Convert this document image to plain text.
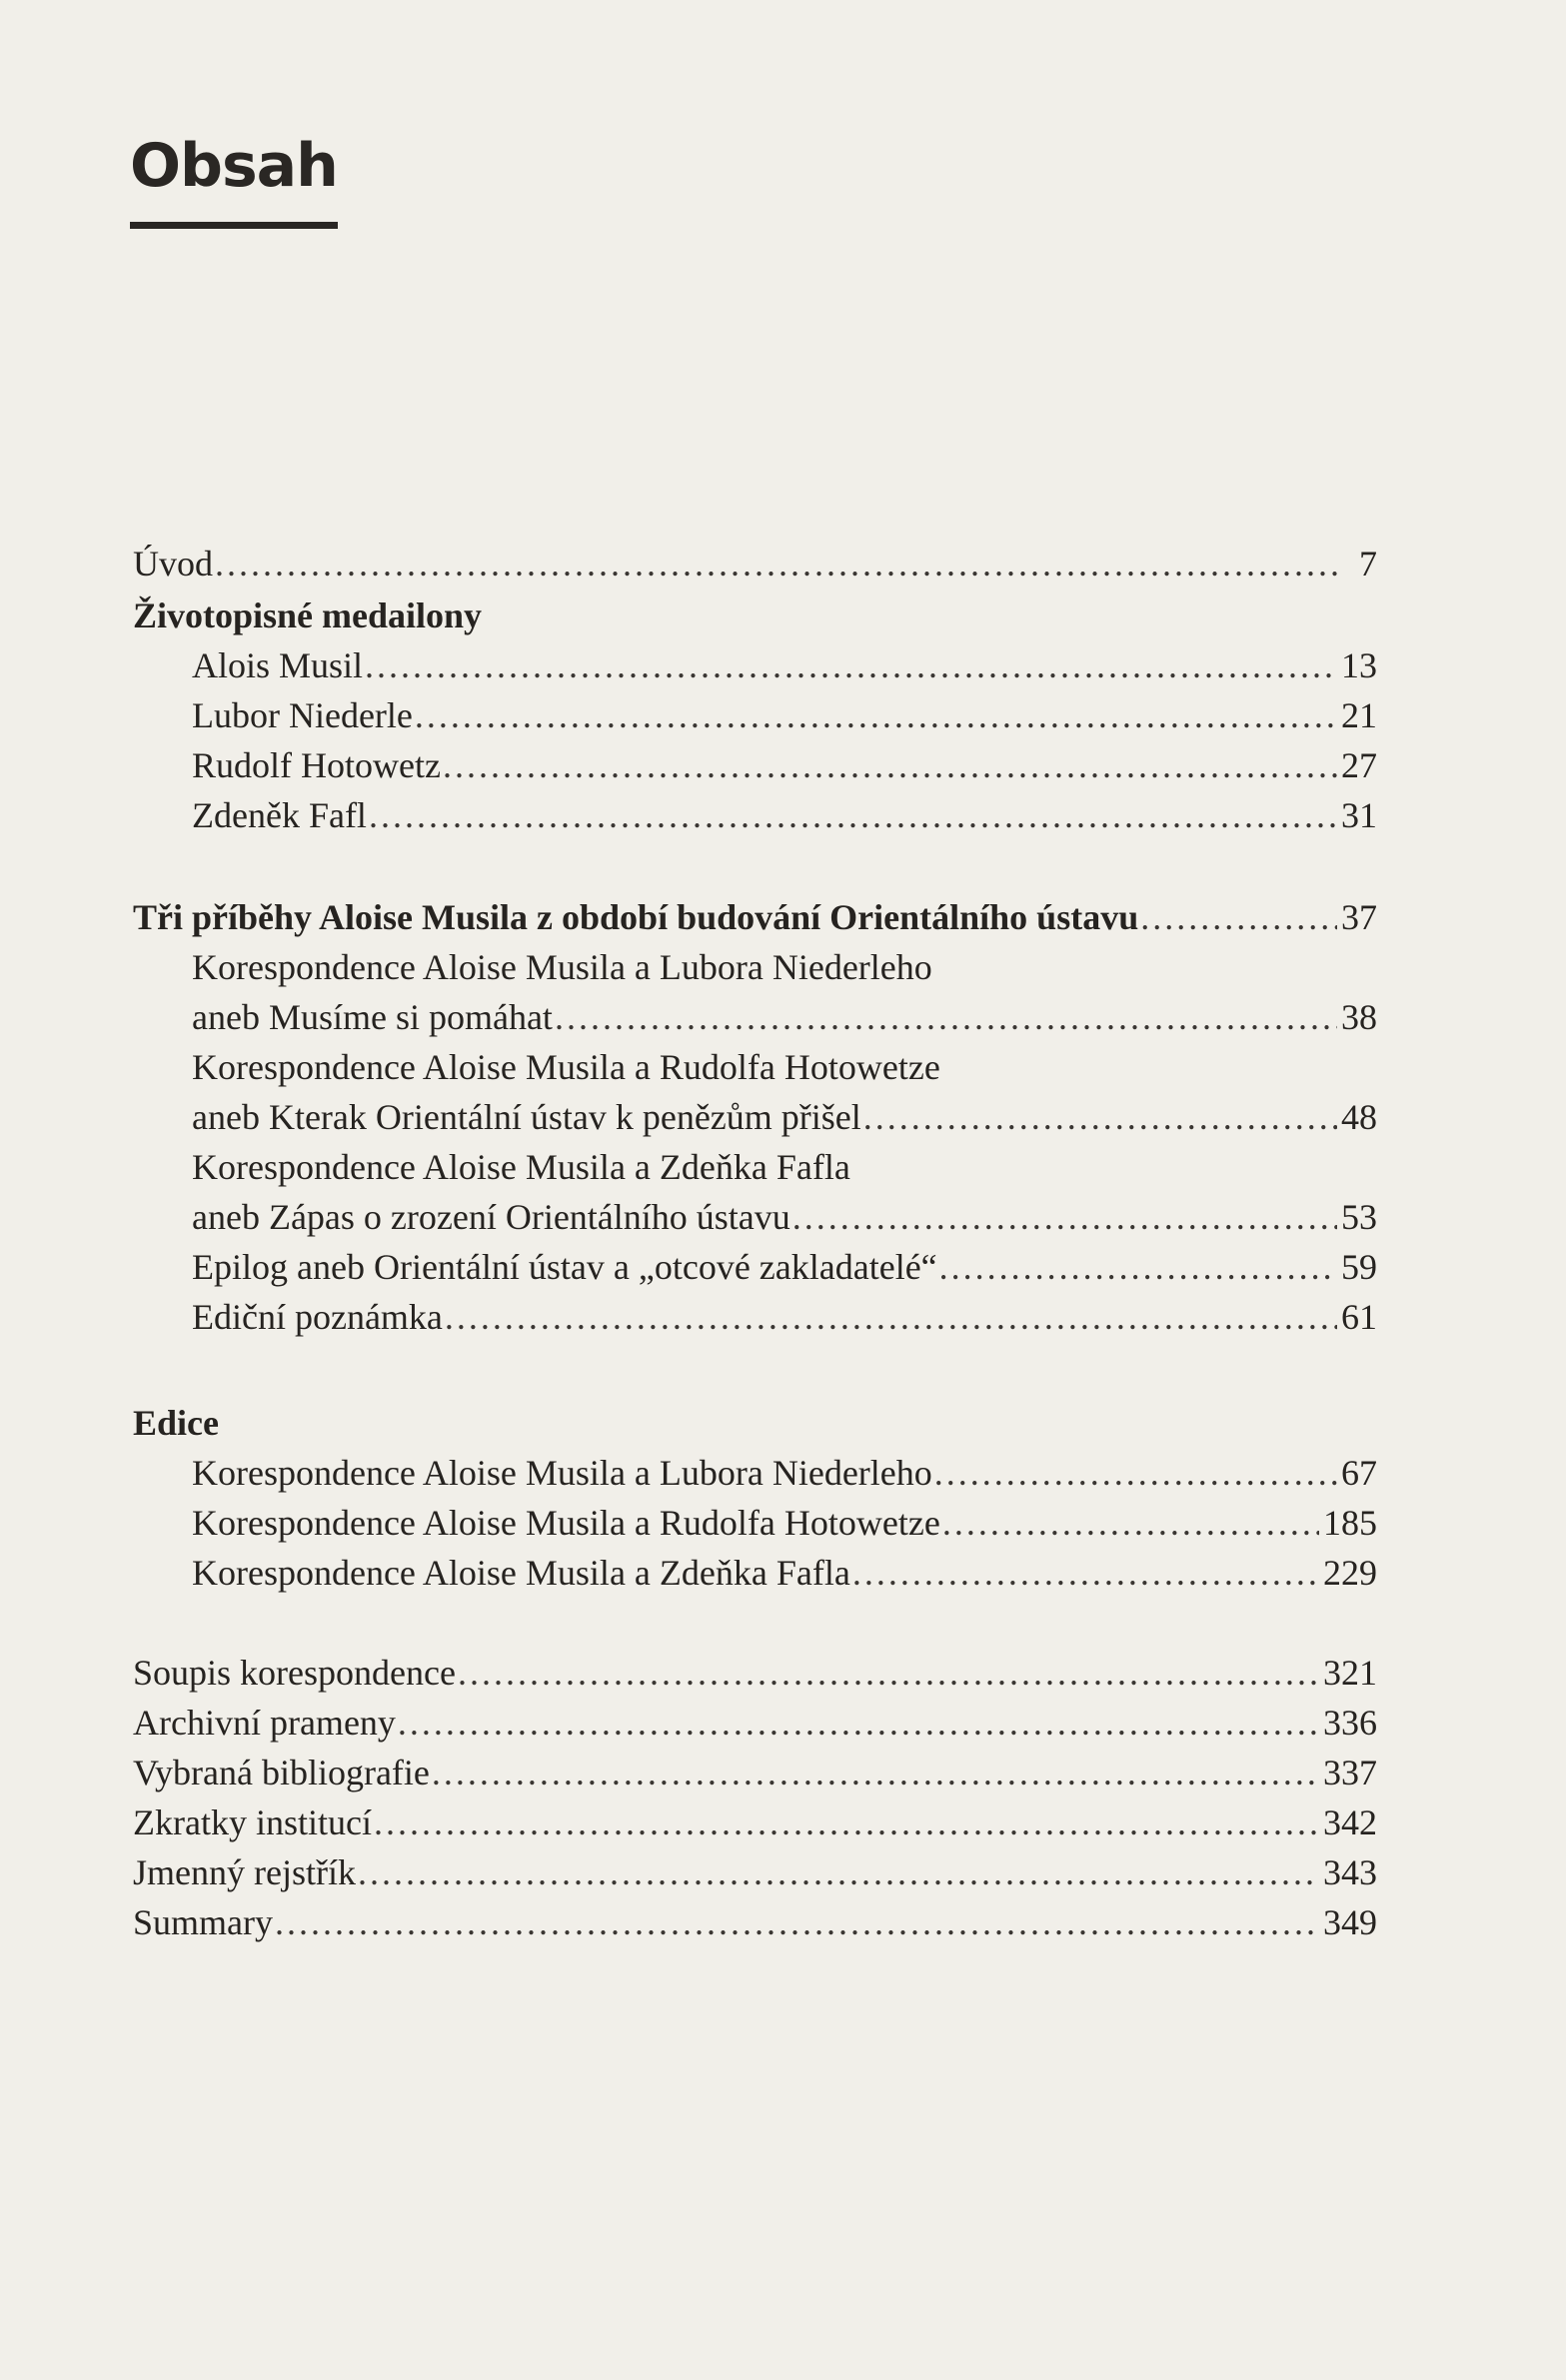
Obsah
Úvod . . .	7
Životopisné medailony
Alois Musil . . .	13
Lubor Niederle . . .	21
Rudolf Hotowetz . . .	27
Zdeněk Fafl . . .	31
Tři příběhy Aloise Musila z období budování Orientálního ústavu . . .	37
Korespondence Aloise Musila a Lubora Niederleho
aneb Musíme si pomáhat . . .	38
Korespondence Aloise Musila a Rudolfa Hotowetze
aneb Kterak Orientální ústav k penězům přišel . . .	48
Korespondence Aloise Musila a Zdeňka Fafla
aneb Zápas o zrození Orientálního ústavu . . .	53
Epilog aneb Orientální ústav a „otcové zakladatelé“ . . .	59
Ediční poznámka . . .	61
Edice
Korespondence Aloise Musila a Lubora Niederleho . . .	67
Korespondence Aloise Musila a Rudolfa Hotowetze . . .	185
Korespondence Aloise Musila a Zdeňka Fafla . . .	229
Soupis korespondence . . .	321
Archivní prameny . . .	336
Vybraná bibliografie . . .	337
Zkratky institucí . . .	342
Jmenný rejstřík . . .	343
Summary . . .	349
